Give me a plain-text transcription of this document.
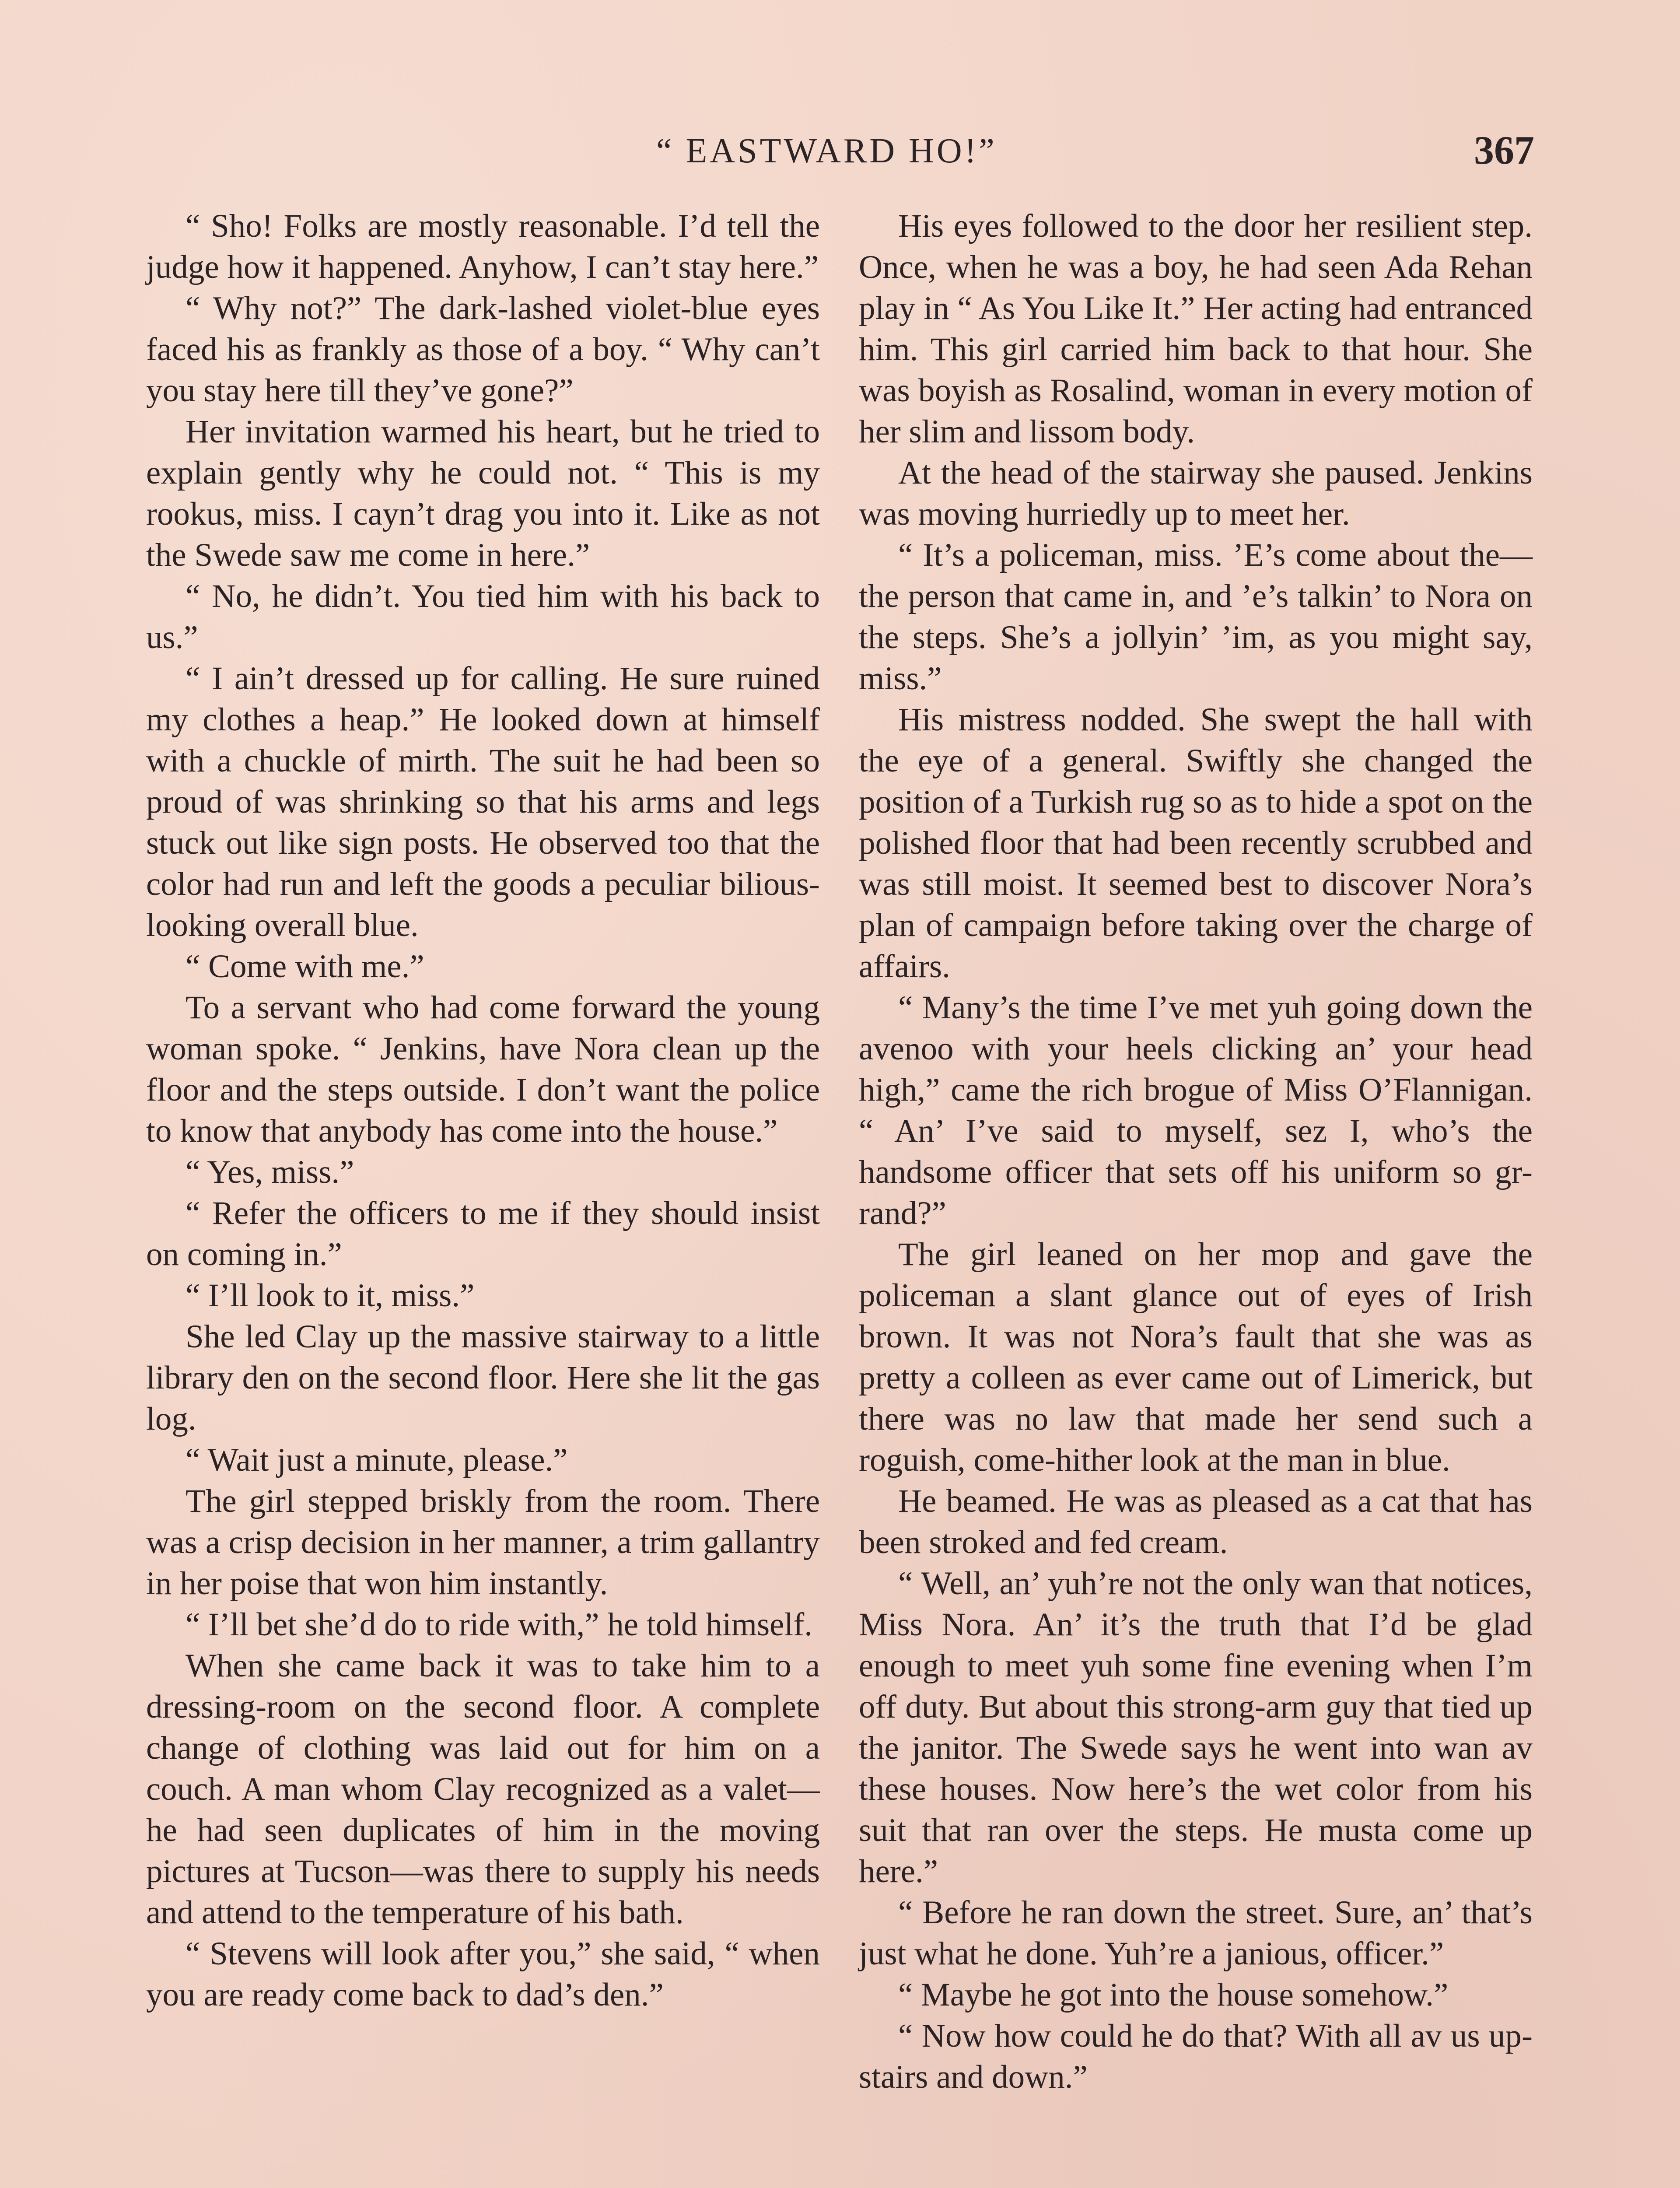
“ EASTWARD HO!”	367

“ Sho! Folks are mostly reasonable. I’d tell the judge how it happened. Anyhow, I can’t stay here.”

“ Why not?” The dark-lashed violet-blue eyes faced his as frankly as those of a boy. “ Why can’t you stay here till they’ve gone?”

Her invitation warmed his heart, but he tried to explain gently why he could not. “ This is my rookus, miss. I cayn’t drag you into it. Like as not the Swede saw me come in here.”

“ No, he didn’t. You tied him with his back to us.”

“ I ain’t dressed up for calling. He sure ruined my clothes a heap.” He looked down at himself with a chuckle of mirth. The suit he had been so proud of was shrinking so that his arms and legs stuck out like sign posts. He observed too that the color had run and left the goods a peculiar bilious-looking overall blue.

“ Come with me.”

To a servant who had come forward the young woman spoke. “ Jenkins, have Nora clean up the floor and the steps outside. I don’t want the police to know that anybody has come into the house.”

“ Yes, miss.”

“ Refer the officers to me if they should insist on coming in.”

“ I’ll look to it, miss.”

She led Clay up the massive stairway to a little library den on the second floor. Here she lit the gas log.

“ Wait just a minute, please.”

The girl stepped briskly from the room. There was a crisp decision in her manner, a trim gallantry in her poise that won him instantly.

“ I’ll bet she’d do to ride with,” he told himself.

When she came back it was to take him to a dressing-room on the second floor. A complete change of clothing was laid out for him on a couch. A man whom Clay recognized as a valet—he had seen duplicates of him in the moving pictures at Tucson—was there to supply his needs and attend to the temperature of his bath.

“ Stevens will look after you,” she said, “ when you are ready come back to dad’s den.”

His eyes followed to the door her resilient step. Once, when he was a boy, he had seen Ada Rehan play in “ As You Like It.” Her acting had entranced him. This girl carried him back to that hour. She was boyish as Rosalind, woman in every motion of her slim and lissom body.

At the head of the stairway she paused. Jenkins was moving hurriedly up to meet her.

“ It’s a policeman, miss. ’E’s come about the—the person that came in, and ’e’s talkin’ to Nora on the steps. She’s a jollyin’ ’im, as you might say, miss.”

His mistress nodded. She swept the hall with the eye of a general. Swiftly she changed the position of a Turkish rug so as to hide a spot on the polished floor that had been recently scrubbed and was still moist. It seemed best to discover Nora’s plan of campaign before taking over the charge of affairs.

“ Many’s the time I’ve met yuh going down the avenoo with your heels clicking an’ your head high,” came the rich brogue of Miss O’Flannigan. “ An’ I’ve said to myself, sez I, who’s the handsome officer that sets off his uniform so gr-rand?”

The girl leaned on her mop and gave the policeman a slant glance out of eyes of Irish brown. It was not Nora’s fault that she was as pretty a colleen as ever came out of Limerick, but there was no law that made her send such a roguish, come-hither look at the man in blue.

He beamed. He was as pleased as a cat that has been stroked and fed cream.

“ Well, an’ yuh’re not the only wan that notices, Miss Nora. An’ it’s the truth that I’d be glad enough to meet yuh some fine evening when I’m off duty. But about this strong-arm guy that tied up the janitor. The Swede says he went into wan av these houses. Now here’s the wet color from his suit that ran over the steps. He musta come up here.”

“ Before he ran down the street. Sure, an’ that’s just what he done. Yuh’re a janious, officer.”

“ Maybe he got into the house somehow.”

“ Now how could he do that? With all av us up-stairs and down.”
